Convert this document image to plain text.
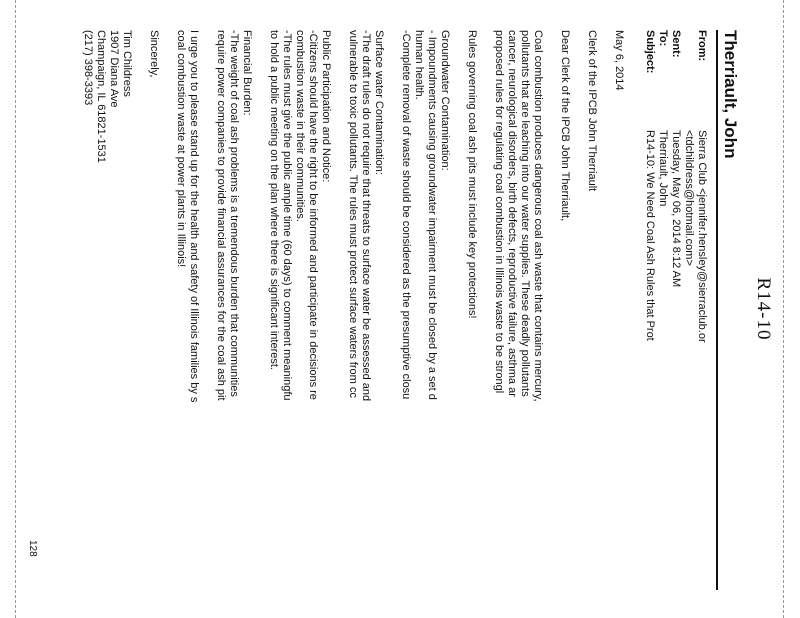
R14-10
Therriault, John
From:
Sierra Club <jennifer.hensley@sierraclub.or
<tdchildress@hotmail.com>
Sent:
Tuesday, May 06, 2014 8:12 AM
To:
Therriault, John
Subject:
R14-10: We Need Coal Ash Rules that Prot

May 6, 2014

Clerk of the IPCB John Therriault

Dear Clerk of the IPCB John Therriault,

Coal combustion produces dangerous coal ash waste that contains mercury,

pollutants that are leaching into our water supplies. These deadly pollutants

cancer, neurological disorders, birth defects, reproductive failure, asthma ar

proposed rules for regulating coal combustion in Illinois waste to be strongl

Rules governing coal ash pits must include key protections!

Groundwater Contamination:

- Impoundments causing groundwater impairment must be closed by a set d

human health.

-Complete removal of waste should be considered as the presumptive closu

Surface water Contamination:

-The draft rules do not require that threats to surface water be assessed and

vulnerable to toxic pollutants. The rules must protect surface waters from cc

Public Participation and Notice:

-Citizens should have the right to be informed and participate in decisions re

combustion waste in their communities.

-The rules must give the public ample time (60 days) to comment meaningfu

to hold a public meeting on the plan where there is significant interest.

Financial Burden:

-The weight of coal ash problems is a tremendous burden that communities

require power companies to provide financial assurances for the coal ash pit

I urge you to please stand up for the health and safety of Illinois families by s

coal combustion waste at power plants in Illinois!

Sincerely,

Tim Childress

1907 Diana Ave

Champaign, IL 61821-1531

(217) 398-3393

128
